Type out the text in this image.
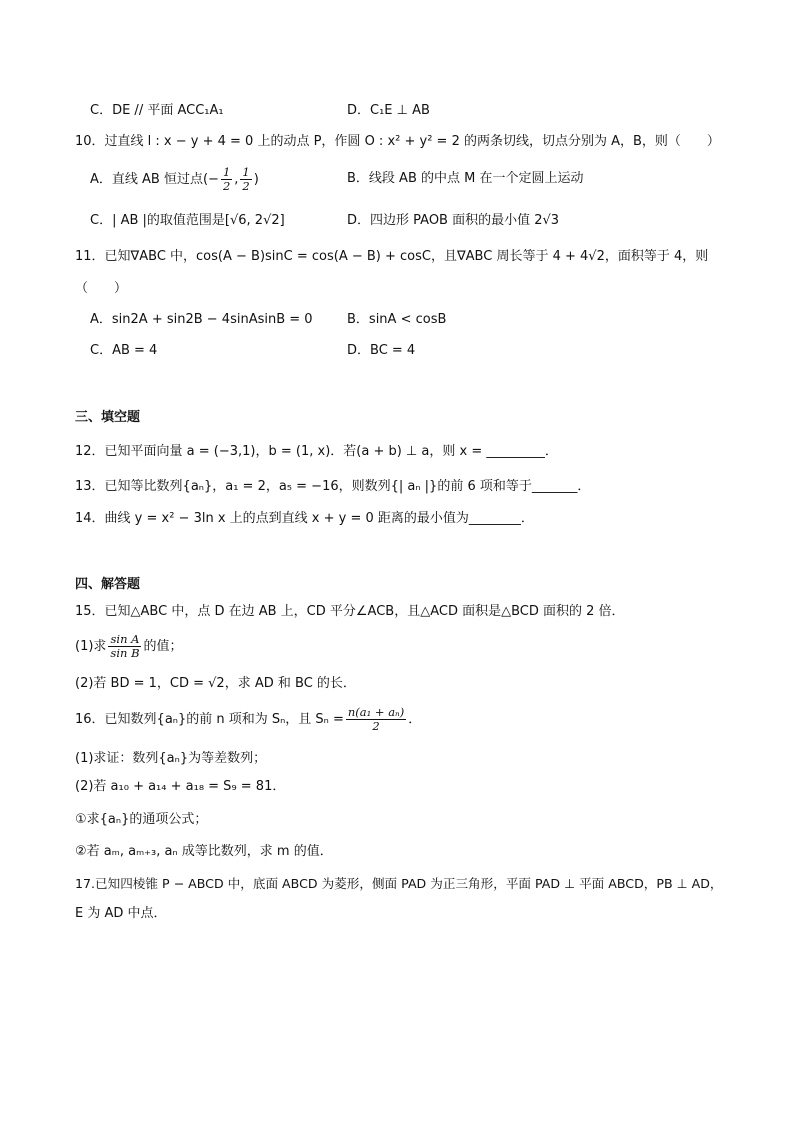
C．DE // 平面 ACC₁A₁	D．C₁E ⊥ AB
10．过直线 l : x − y + 4 = 0 上的动点 P，作圆 O : x² + y² = 2 的两条切线，切点分别为 A，B，则（　　）
A．直线 AB 恒过点(− $\frac{1}{2}$ , $\frac{1}{2}$ )	B．线段 AB 的中点 M 在一个定圆上运动
C．| AB |的取值范围是[√6, 2√2]	D．四边形 PAOB 面积的最小值 2√3
11．已知∇ABC 中，cos(A − B)sinC = cos(A − B) + cosC，且∇ABC 周长等于 4 + 4√2，面积等于 4，则
（　　）
A．sin2A + sin2B − 4sinAsinB = 0	B．sinA < cosB
C．AB = 4	D．BC = 4
三、填空题
12．已知平面向量 a = (−3,1)，b = (1, x)．若(a + b) ⊥ a，则 x = _________．
13．已知等比数列{aₙ}，a₁ = 2，a₅ = −16，则数列{| aₙ |}的前 6 项和等于_______．
14．曲线 y = x² − 3ln x 上的点到直线 x + y = 0 距离的最小值为________．
四、解答题
15．已知△ABC 中，点 D 在边 AB 上，CD 平分∠ACB，且△ACD 面积是△BCD 面积的 2 倍．
(1)求 $\frac{\text{sin A}}{\text{sin B}}$ 的值；
(2)若 BD = 1，CD = √2，求 AD 和 BC 的长．
16．已知数列{aₙ}的前 n 项和为 Sₙ，且 $S_n = \frac{\text{n(a₁ + aₙ)}}{2}$ ．
(1)求证：数列{aₙ}为等差数列；
(2)若 a₁₀ + a₁₄ + a₁₈ = S₉ = 81．
①求{aₙ}的通项公式；
②若 aₘ, aₘ₊₃, aₙ 成等比数列，求 m 的值．
17.已知四棱锥 P − ABCD 中，底面 ABCD 为菱形，侧面 PAD 为正三角形，平面 PAD ⊥ 平面 ABCD，PB ⊥ AD，
E 为 AD 中点．
